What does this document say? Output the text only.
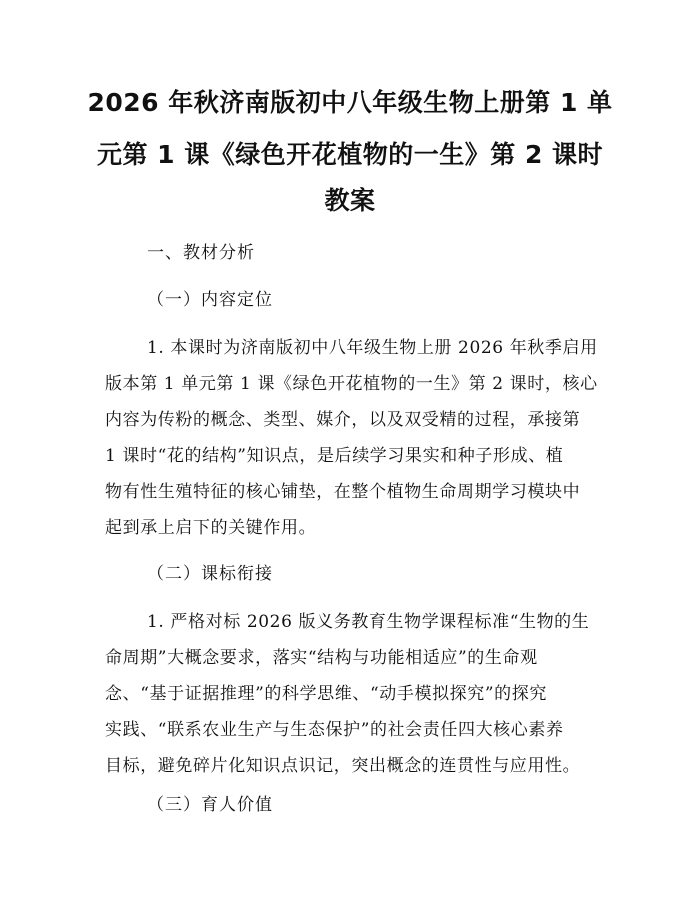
2026 年秋济南版初中八年级生物上册第 1 单
元第 1 课《绿色开花植物的一生》第 2 课时
教案
一、教材分析
（一）内容定位
1. 本课时为济南版初中八年级生物上册 2026 年秋季启用
版本第 1 单元第 1 课《绿色开花植物的一生》第 2 课时，核心
内容为传粉的概念、类型、媒介，以及双受精的过程，承接第
1 课时“花的结构”知识点，是后续学习果实和种子形成、植
物有性生殖特征的核心铺垫，在整个植物生命周期学习模块中
起到承上启下的关键作用。
（二）课标衔接
1. 严格对标 2026 版义务教育生物学课程标准“生物的生
命周期”大概念要求，落实“结构与功能相适应”的生命观
念、“基于证据推理”的科学思维、“动手模拟探究”的探究
实践、“联系农业生产与生态保护”的社会责任四大核心素养
目标，避免碎片化知识点识记，突出概念的连贯性与应用性。
（三）育人价值
